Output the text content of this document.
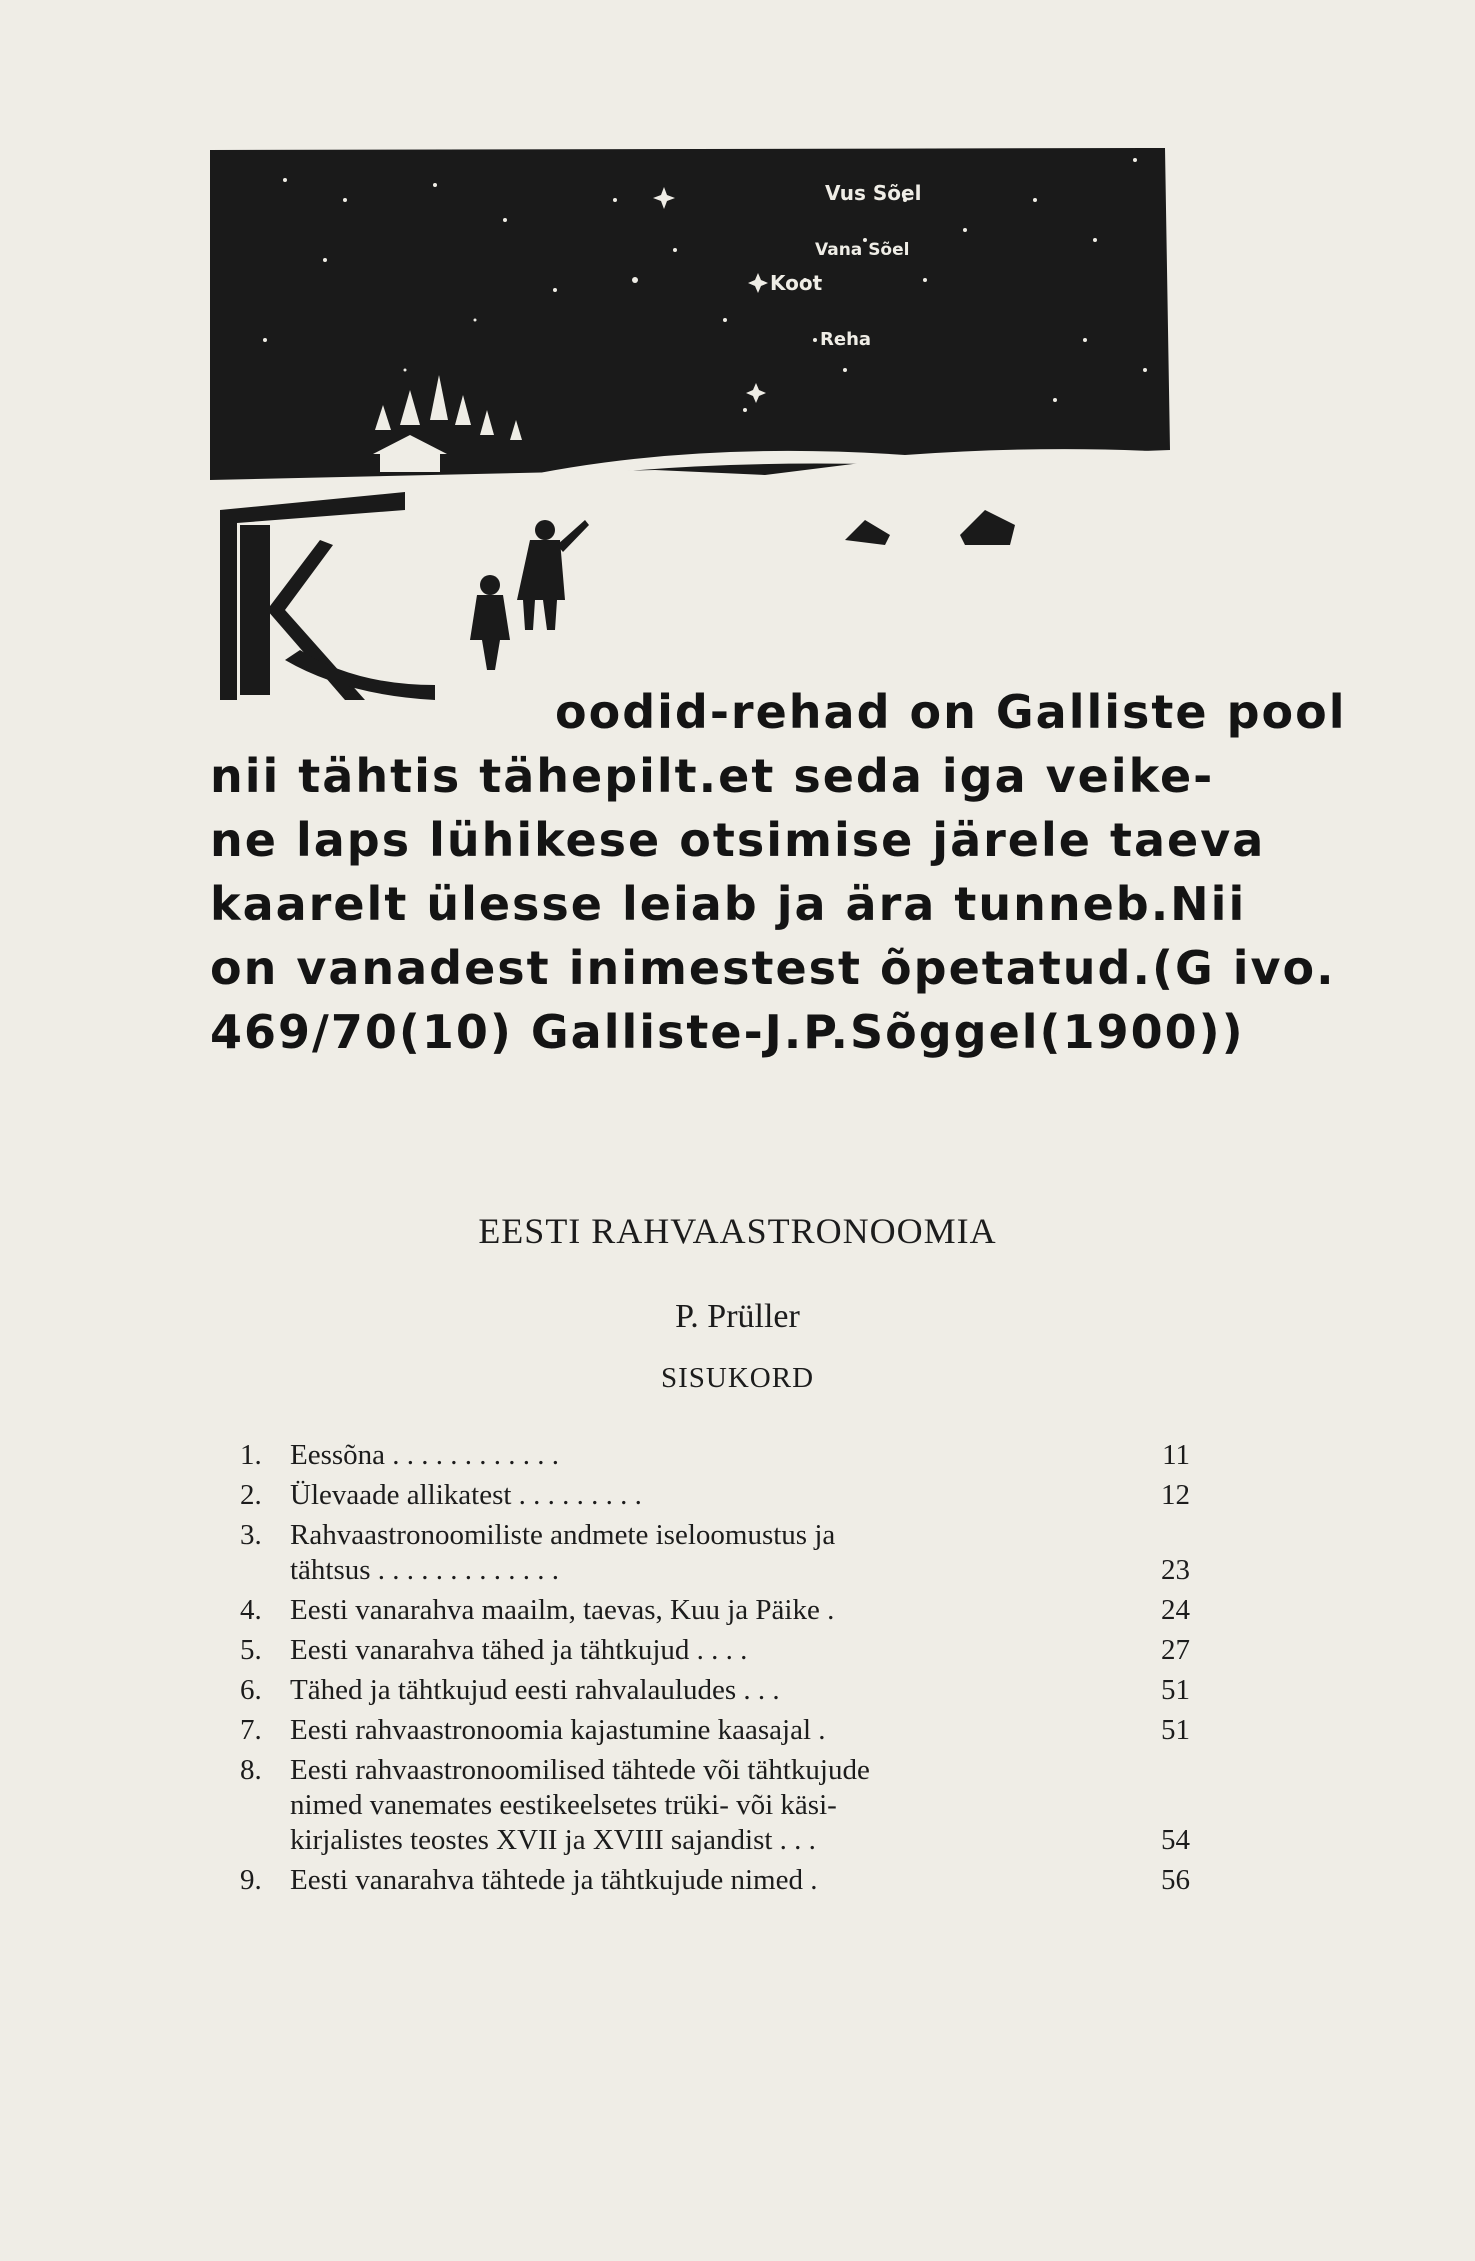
Vus Sõel
Vana Sõel
Koot
Reha
oodid-rehad on Galliste pool
nii tähtis tähepilt.et seda iga veike-
ne laps lühikese otsimise järele taeva
kaarelt ülesse leiab ja ära tunneb.Nii
on vanadest inimestest õpetatud.(G ivo.
469/70(10) Galliste-J.P.Sõggel(1900))
EESTI RAHVAASTRONOOMIA
P. Prüller
SISUKORD
1. Eessõna . . . . . . . . . . . .	11
2. Ülevaade allikatest . . . . . . . . .	12
3. Rahvaastronoomiliste andmete iseloomustus ja
tähtsus . . . . . . . . . . . . .	23
4. Eesti vanarahva maailm, taevas, Kuu ja Päike .	24
5. Eesti vanarahva tähed ja tähtkujud . . . .	27
6. Tähed ja tähtkujud eesti rahvalauludes . . .	51
7. Eesti rahvaastronoomia kajastumine kaasajal .	51
8. Eesti rahvaastronoomilised tähtede või tähtkujude
nimed vanemates eestikeelsetes trüki- või käsi-
kirjalistes teostes XVII ja XVIII sajandist . . .	54
9. Eesti vanarahva tähtede ja tähtkujude nimed .	56
